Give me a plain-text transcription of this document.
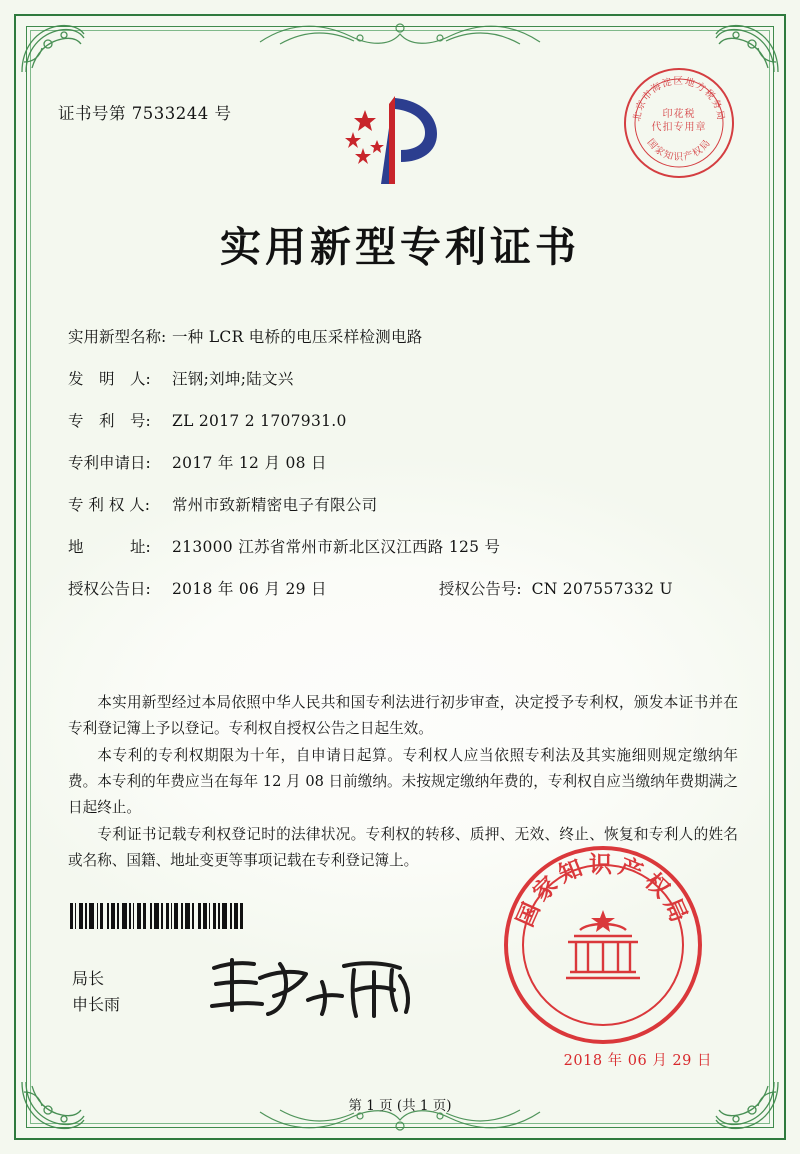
证书号第 7533244 号	北京市海淀区地方税务局
国家知识产权局
印花税
代扣专用章
实用新型专利证书
实用新型名称: 一种 LCR 电桥的电压采样检测电路
发　明　人:	汪钢;刘坤;陆文兴
专　利　号:	ZL 2017 2 1707931.0
专利申请日:	2017 年 12 月 08 日
专 利 权 人:	常州市致新精密电子有限公司
地　　　址:	213000 江苏省常州市新北区汉江西路 125 号
授权公告日:	2018 年 06 月 29 日	授权公告号: CN 207557332 U

本实用新型经过本局依照中华人民共和国专利法进行初步审查，决定授予专利权，颁发本证书并在专利登记簿上予以登记。专利权自授权公告之日起生效。

本专利的专利权期限为十年，自申请日起算。专利权人应当依照专利法及其实施细则规定缴纳年费。本专利的年费应当在每年 12 月 08 日前缴纳。未按规定缴纳年费的，专利权自应当缴纳年费期满之日起终止。

专利证书记载专利权登记时的法律状况。专利权的转移、质押、无效、终止、恢复和专利人的姓名或名称、国籍、地址变更等事项记载在专利登记簿上。

局长
申长雨
国家知识产权局
2018 年 06 月 29 日
第 1 页 (共 1 页)
